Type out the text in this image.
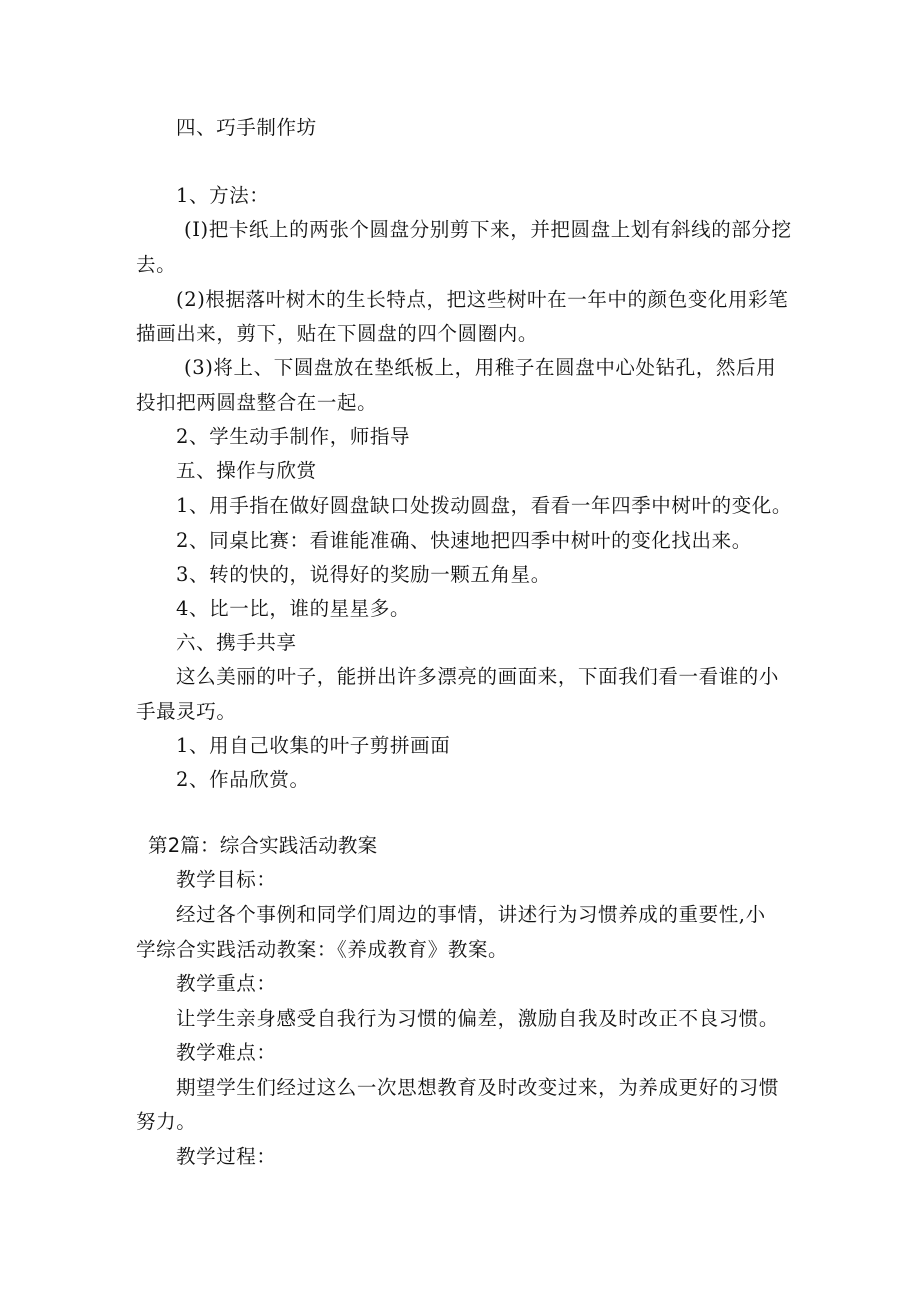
四、巧手制作坊

1、方法：

(I)把卡纸上的两张个圆盘分别剪下来，并把圆盘上划有斜线的部分挖

去。

(2)根据落叶树木的生长特点，把这些树叶在一年中的颜色变化用彩笔

描画出来，剪下，贴在下圆盘的四个圆圈内。

(3)将上、下圆盘放在垫纸板上，用稚子在圆盘中心处钻孔，然后用

投扣把两圆盘整合在一起。

2、学生动手制作，师指导

五、操作与欣赏

1、用手指在做好圆盘缺口处拨动圆盘，看看一年四季中树叶的变化。

2、同桌比赛：看谁能准确、快速地把四季中树叶的变化找出来。

3、转的快的，说得好的奖励一颗五角星。

4、比一比，谁的星星多。

六、携手共享

这么美丽的叶子，能拼出许多漂亮的画面来，下面我们看一看谁的小

手最灵巧。

1、用自己收集的叶子剪拼画面

2、作品欣赏。

第2篇：综合实践活动教案

教学目标：

经过各个事例和同学们周边的事情，讲述行为习惯养成的重要性,小

学综合实践活动教案：《养成教育》教案。

教学重点：

让学生亲身感受自我行为习惯的偏差，激励自我及时改正不良习惯。

教学难点：

期望学生们经过这么一次思想教育及时改变过来，为养成更好的习惯

努力。

教学过程：
